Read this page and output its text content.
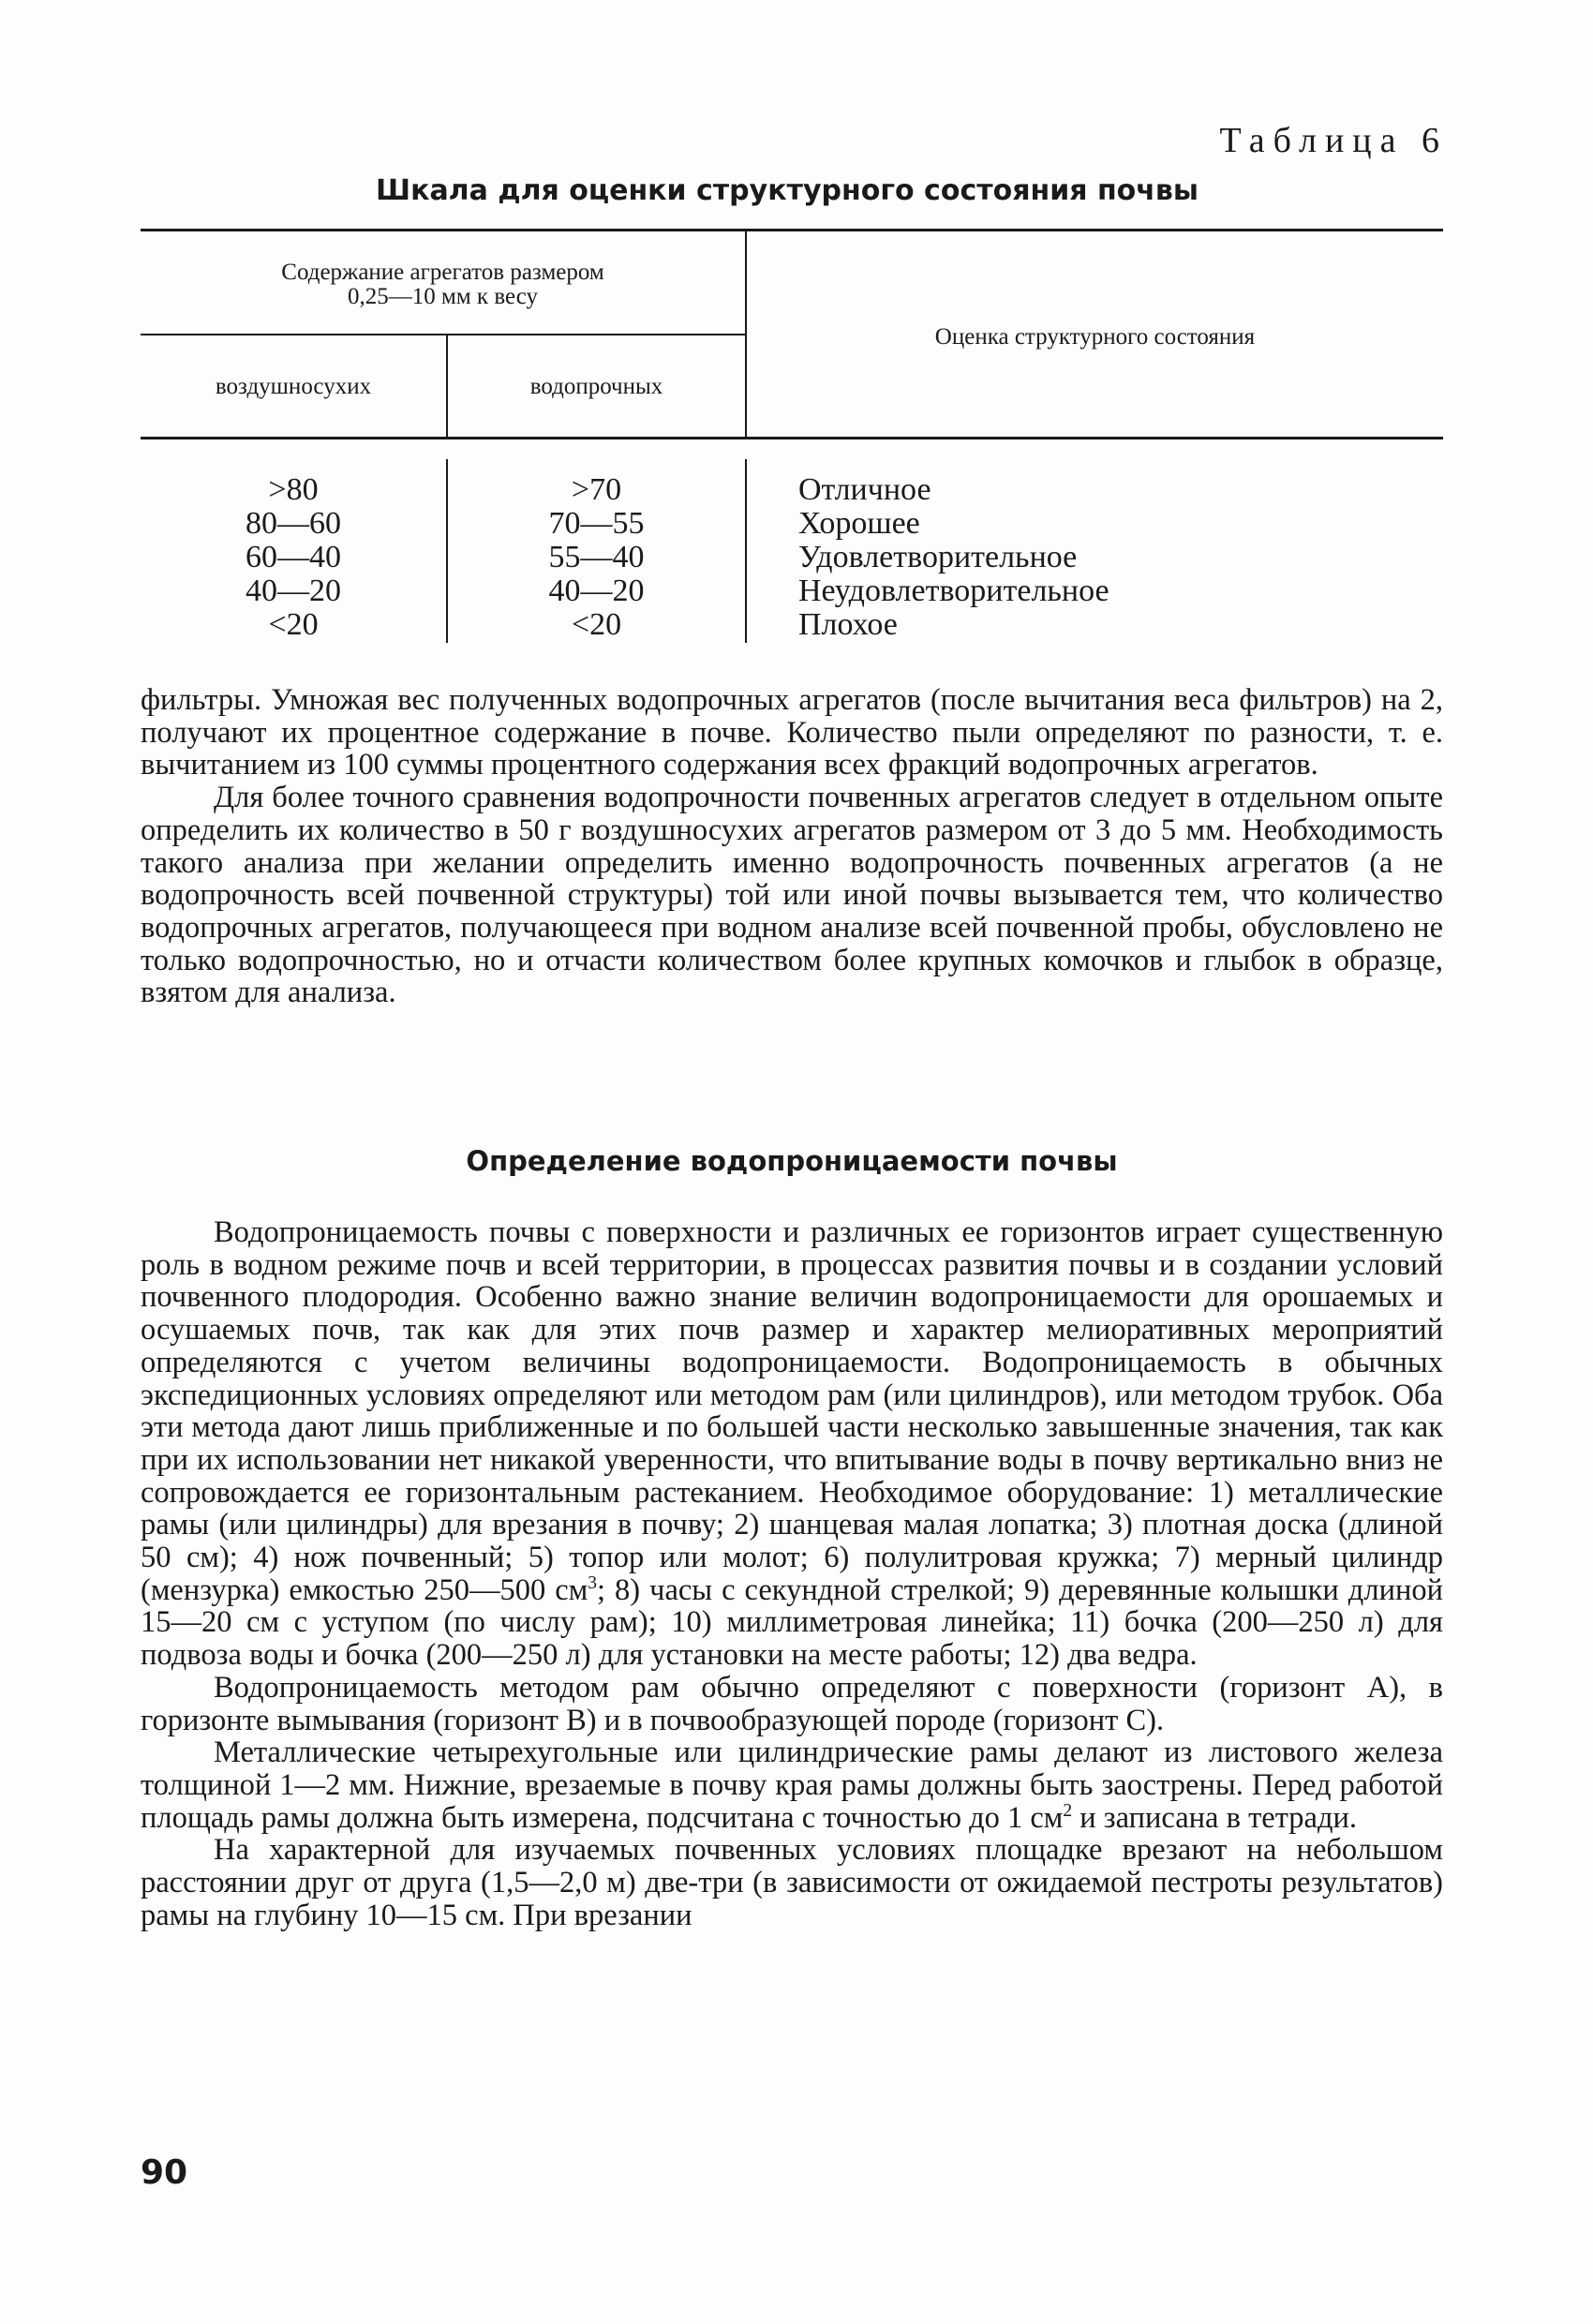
Таблица 6
Шкала для оценки структурного состояния почвы
Содержание агрегатов размером
0,25—10 мм к весу
воздушносухих	водопрочных
Оценка структурного состояния
>80
80—60
60—40
40—20
<20
>70
70—55
55—40
40—20
<20
Отличное
Хорошее
Удовлетворительное
Неудовлетворительное
Плохое

фильтры. Умножая вес полученных водопрочных агрегатов (после вычитания веса фильтров) на 2, получают их процентное содержание в почве. Количество пыли определяют по разности, т. е. вычитанием из 100 суммы процентного содержания всех фракций водопрочных агрегатов.

Для более точного сравнения водопрочности почвенных агрегатов следует в отдельном опыте определить их количество в 50 г воздушносухих агрегатов размером от 3 до 5 мм. Необходимость такого анализа при желании определить именно водопрочность почвенных агрегатов (а не водопрочность всей почвенной структуры) той или иной почвы вызывается тем, что количество водопрочных агрегатов, получающееся при водном анализе всей почвенной пробы, обусловлено не только водопрочностью, но и отчасти количеством более крупных комочков и глыбок в образце, взятом для анализа.

Определение водопроницаемости почвы

Водопроницаемость почвы с поверхности и различных ее горизонтов играет существенную роль в водном режиме почв и всей территории, в процессах развития почвы и в создании условий почвенного плодородия. Особенно важно знание величин водопроницаемости для орошаемых и осушаемых почв, так как для этих почв размер и характер мелиоративных мероприятий определяются с учетом величины водопроницаемости. Водопроницаемость в обычных экспедиционных условиях определяют или методом рам (или цилиндров), или методом трубок. Оба эти метода дают лишь приближенные и по большей части несколько завышенные значения, так как при их использовании нет никакой уверенности, что впитывание воды в почву вертикально вниз не сопровождается ее горизонтальным растеканием. Необходимое оборудование: 1) металлические рамы (или цилиндры) для врезания в почву; 2) шанцевая малая лопатка; 3) плотная доска (длиной 50 см); 4) нож почвенный; 5) топор или молот; 6) полулитровая кружка; 7) мерный цилиндр (мензурка) емкостью 250—500 $см^3$; 8) часы с секундной стрелкой; 9) деревянные колышки длиной 15—20 см с уступом (по числу рам); 10) миллиметровая линейка; 11) бочка (200—250 л) для подвоза воды и бочка (200—250 л) для установки на месте работы; 12) два ведра.

Водопроницаемость методом рам обычно определяют с поверхности (горизонт А), в горизонте вымывания (горизонт В) и в почвообразующей породе (горизонт С).

Металлические четырехугольные или цилиндрические рамы делают из листового железа толщиной 1—2 мм. Нижние, врезаемые в почву края рамы должны быть заострены. Перед работой площадь рамы должна быть измерена, подсчитана с точностью до 1 $см^2$ и записана в тетради.

На характерной для изучаемых почвенных условиях площадке врезают на небольшом расстоянии друг от друга (1,5—2,0 м) две-три (в зависимости от ожидаемой пестроты результатов) рамы на глубину 10—15 см. При врезании

90
